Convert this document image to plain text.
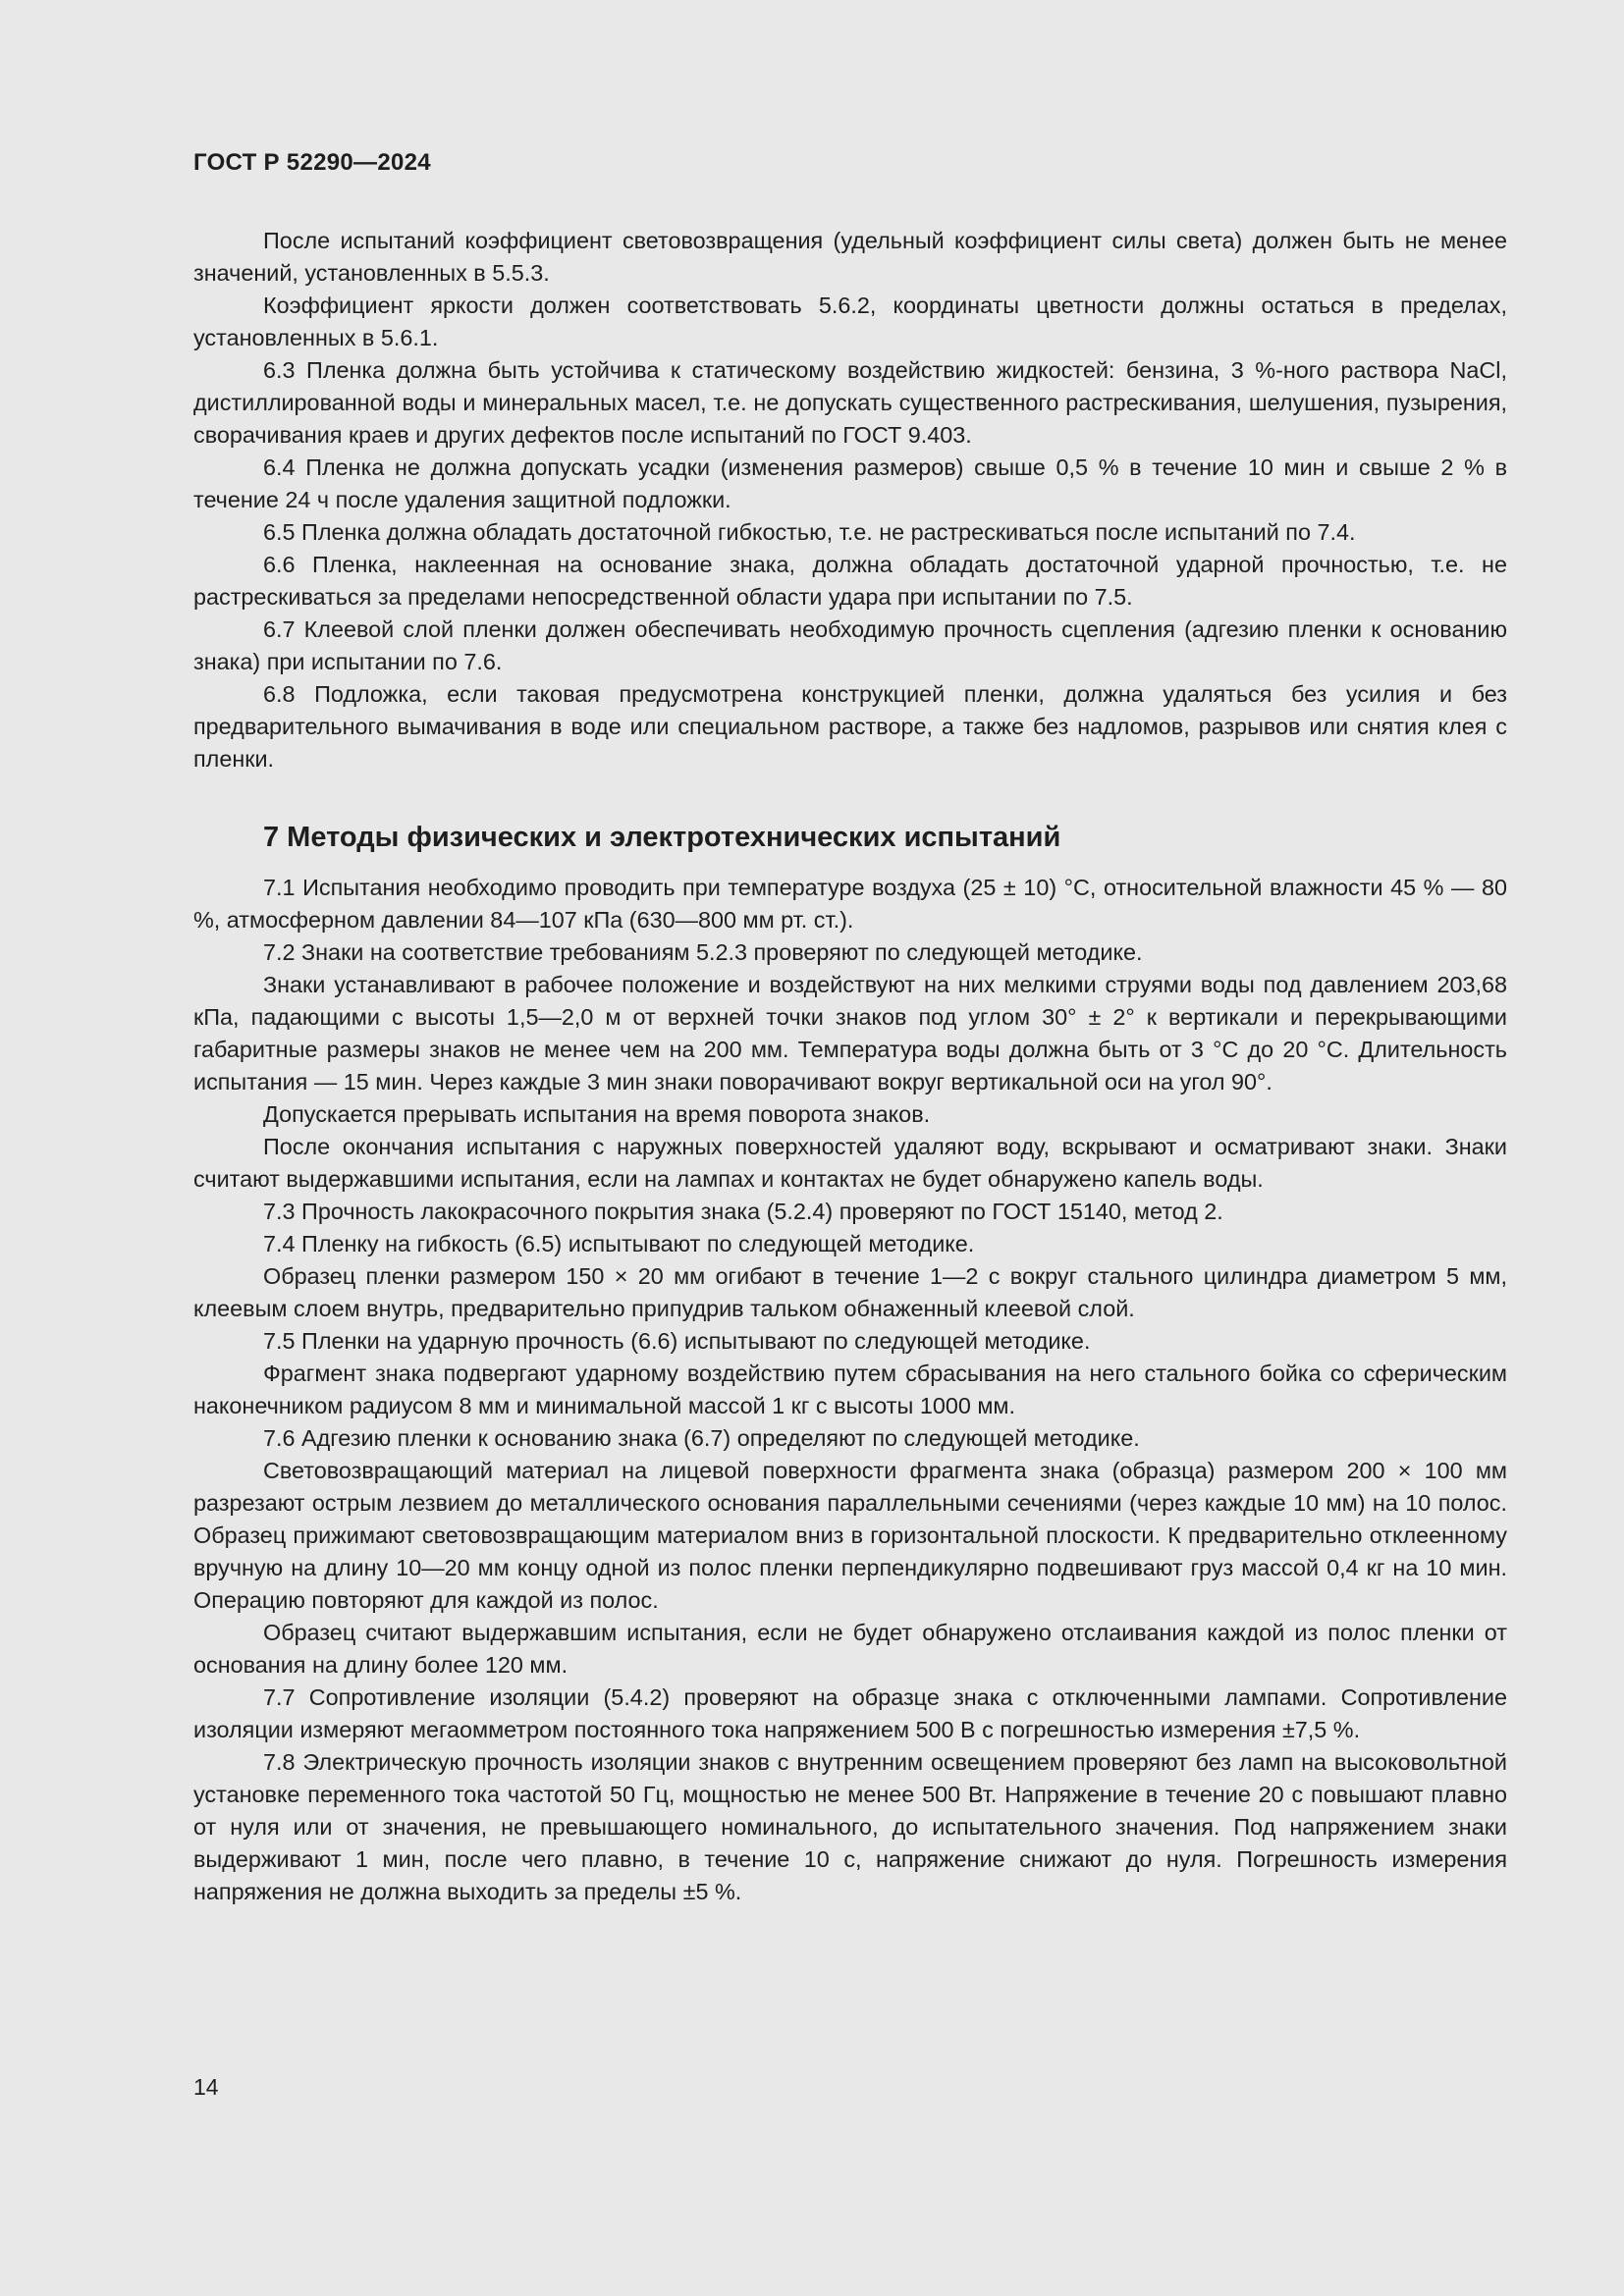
ГОСТ Р 52290—2024

После испытаний коэффициент световозвращения (удельный коэффициент силы света) должен быть не менее значений, установленных в 5.5.3.

Коэффициент яркости должен соответствовать 5.6.2, координаты цветности должны остаться в пределах, установленных в 5.6.1.

6.3 Пленка должна быть устойчива к статическому воздействию жидкостей: бензина, 3 %-ного раствора NaCl, дистиллированной воды и минеральных масел, т.е. не допускать существенного растрескивания, шелушения, пузырения, сворачивания краев и других дефектов после испытаний по ГОСТ 9.403.

6.4 Пленка не должна допускать усадки (изменения размеров) свыше 0,5 % в течение 10 мин и свыше 2 % в течение 24 ч после удаления защитной подложки.

6.5 Пленка должна обладать достаточной гибкостью, т.е. не растрескиваться после испытаний по 7.4.

6.6 Пленка, наклеенная на основание знака, должна обладать достаточной ударной прочностью, т.е. не растрескиваться за пределами непосредственной области удара при испытании по 7.5.

6.7 Клеевой слой пленки должен обеспечивать необходимую прочность сцепления (адгезию пленки к основанию знака) при испытании по 7.6.

6.8 Подложка, если таковая предусмотрена конструкцией пленки, должна удаляться без усилия и без предварительного вымачивания в воде или специальном растворе, а также без надломов, разрывов или снятия клея с пленки.

7 Методы физических и электротехнических испытаний

7.1 Испытания необходимо проводить при температуре воздуха (25 ± 10) °C, относительной влажности 45 % — 80 %, атмосферном давлении 84—107 кПа (630—800 мм рт. ст.).

7.2 Знаки на соответствие требованиям 5.2.3 проверяют по следующей методике.

Знаки устанавливают в рабочее положение и воздействуют на них мелкими струями воды под давлением 203,68 кПа, падающими с высоты 1,5—2,0 м от верхней точки знаков под углом 30° ± 2° к вертикали и перекрывающими габаритные размеры знаков не менее чем на 200 мм. Температура воды должна быть от 3 °C до 20 °C. Длительность испытания — 15 мин. Через каждые 3 мин знаки поворачивают вокруг вертикальной оси на угол 90°.

Допускается прерывать испытания на время поворота знаков.

После окончания испытания с наружных поверхностей удаляют воду, вскрывают и осматривают знаки. Знаки считают выдержавшими испытания, если на лампах и контактах не будет обнаружено капель воды.

7.3 Прочность лакокрасочного покрытия знака (5.2.4) проверяют по ГОСТ 15140, метод 2.

7.4 Пленку на гибкость (6.5) испытывают по следующей методике.

Образец пленки размером 150 × 20 мм огибают в течение 1—2 с вокруг стального цилиндра диаметром 5 мм, клеевым слоем внутрь, предварительно припудрив тальком обнаженный клеевой слой.

7.5 Пленки на ударную прочность (6.6) испытывают по следующей методике.

Фрагмент знака подвергают ударному воздействию путем сбрасывания на него стального бойка со сферическим наконечником радиусом 8 мм и минимальной массой 1 кг с высоты 1000 мм.

7.6 Адгезию пленки к основанию знака (6.7) определяют по следующей методике.

Световозвращающий материал на лицевой поверхности фрагмента знака (образца) размером 200 × 100 мм разрезают острым лезвием до металлического основания параллельными сечениями (через каждые 10 мм) на 10 полос. Образец прижимают световозвращающим материалом вниз в горизонтальной плоскости. К предварительно отклеенному вручную на длину 10—20 мм концу одной из полос пленки перпендикулярно подвешивают груз массой 0,4 кг на 10 мин. Операцию повторяют для каждой из полос.

Образец считают выдержавшим испытания, если не будет обнаружено отслаивания каждой из полос пленки от основания на длину более 120 мм.

7.7 Сопротивление изоляции (5.4.2) проверяют на образце знака с отключенными лампами. Сопротивление изоляции измеряют мегаомметром постоянного тока напряжением 500 В с погрешностью измерения ±7,5 %.

7.8 Электрическую прочность изоляции знаков с внутренним освещением проверяют без ламп на высоковольтной установке переменного тока частотой 50 Гц, мощностью не менее 500 Вт. Напряжение в течение 20 с повышают плавно от нуля или от значения, не превышающего номинального, до испытательного значения. Под напряжением знаки выдерживают 1 мин, после чего плавно, в течение 10 с, напряжение снижают до нуля. Погрешность измерения напряжения не должна выходить за пределы ±5 %.

14
